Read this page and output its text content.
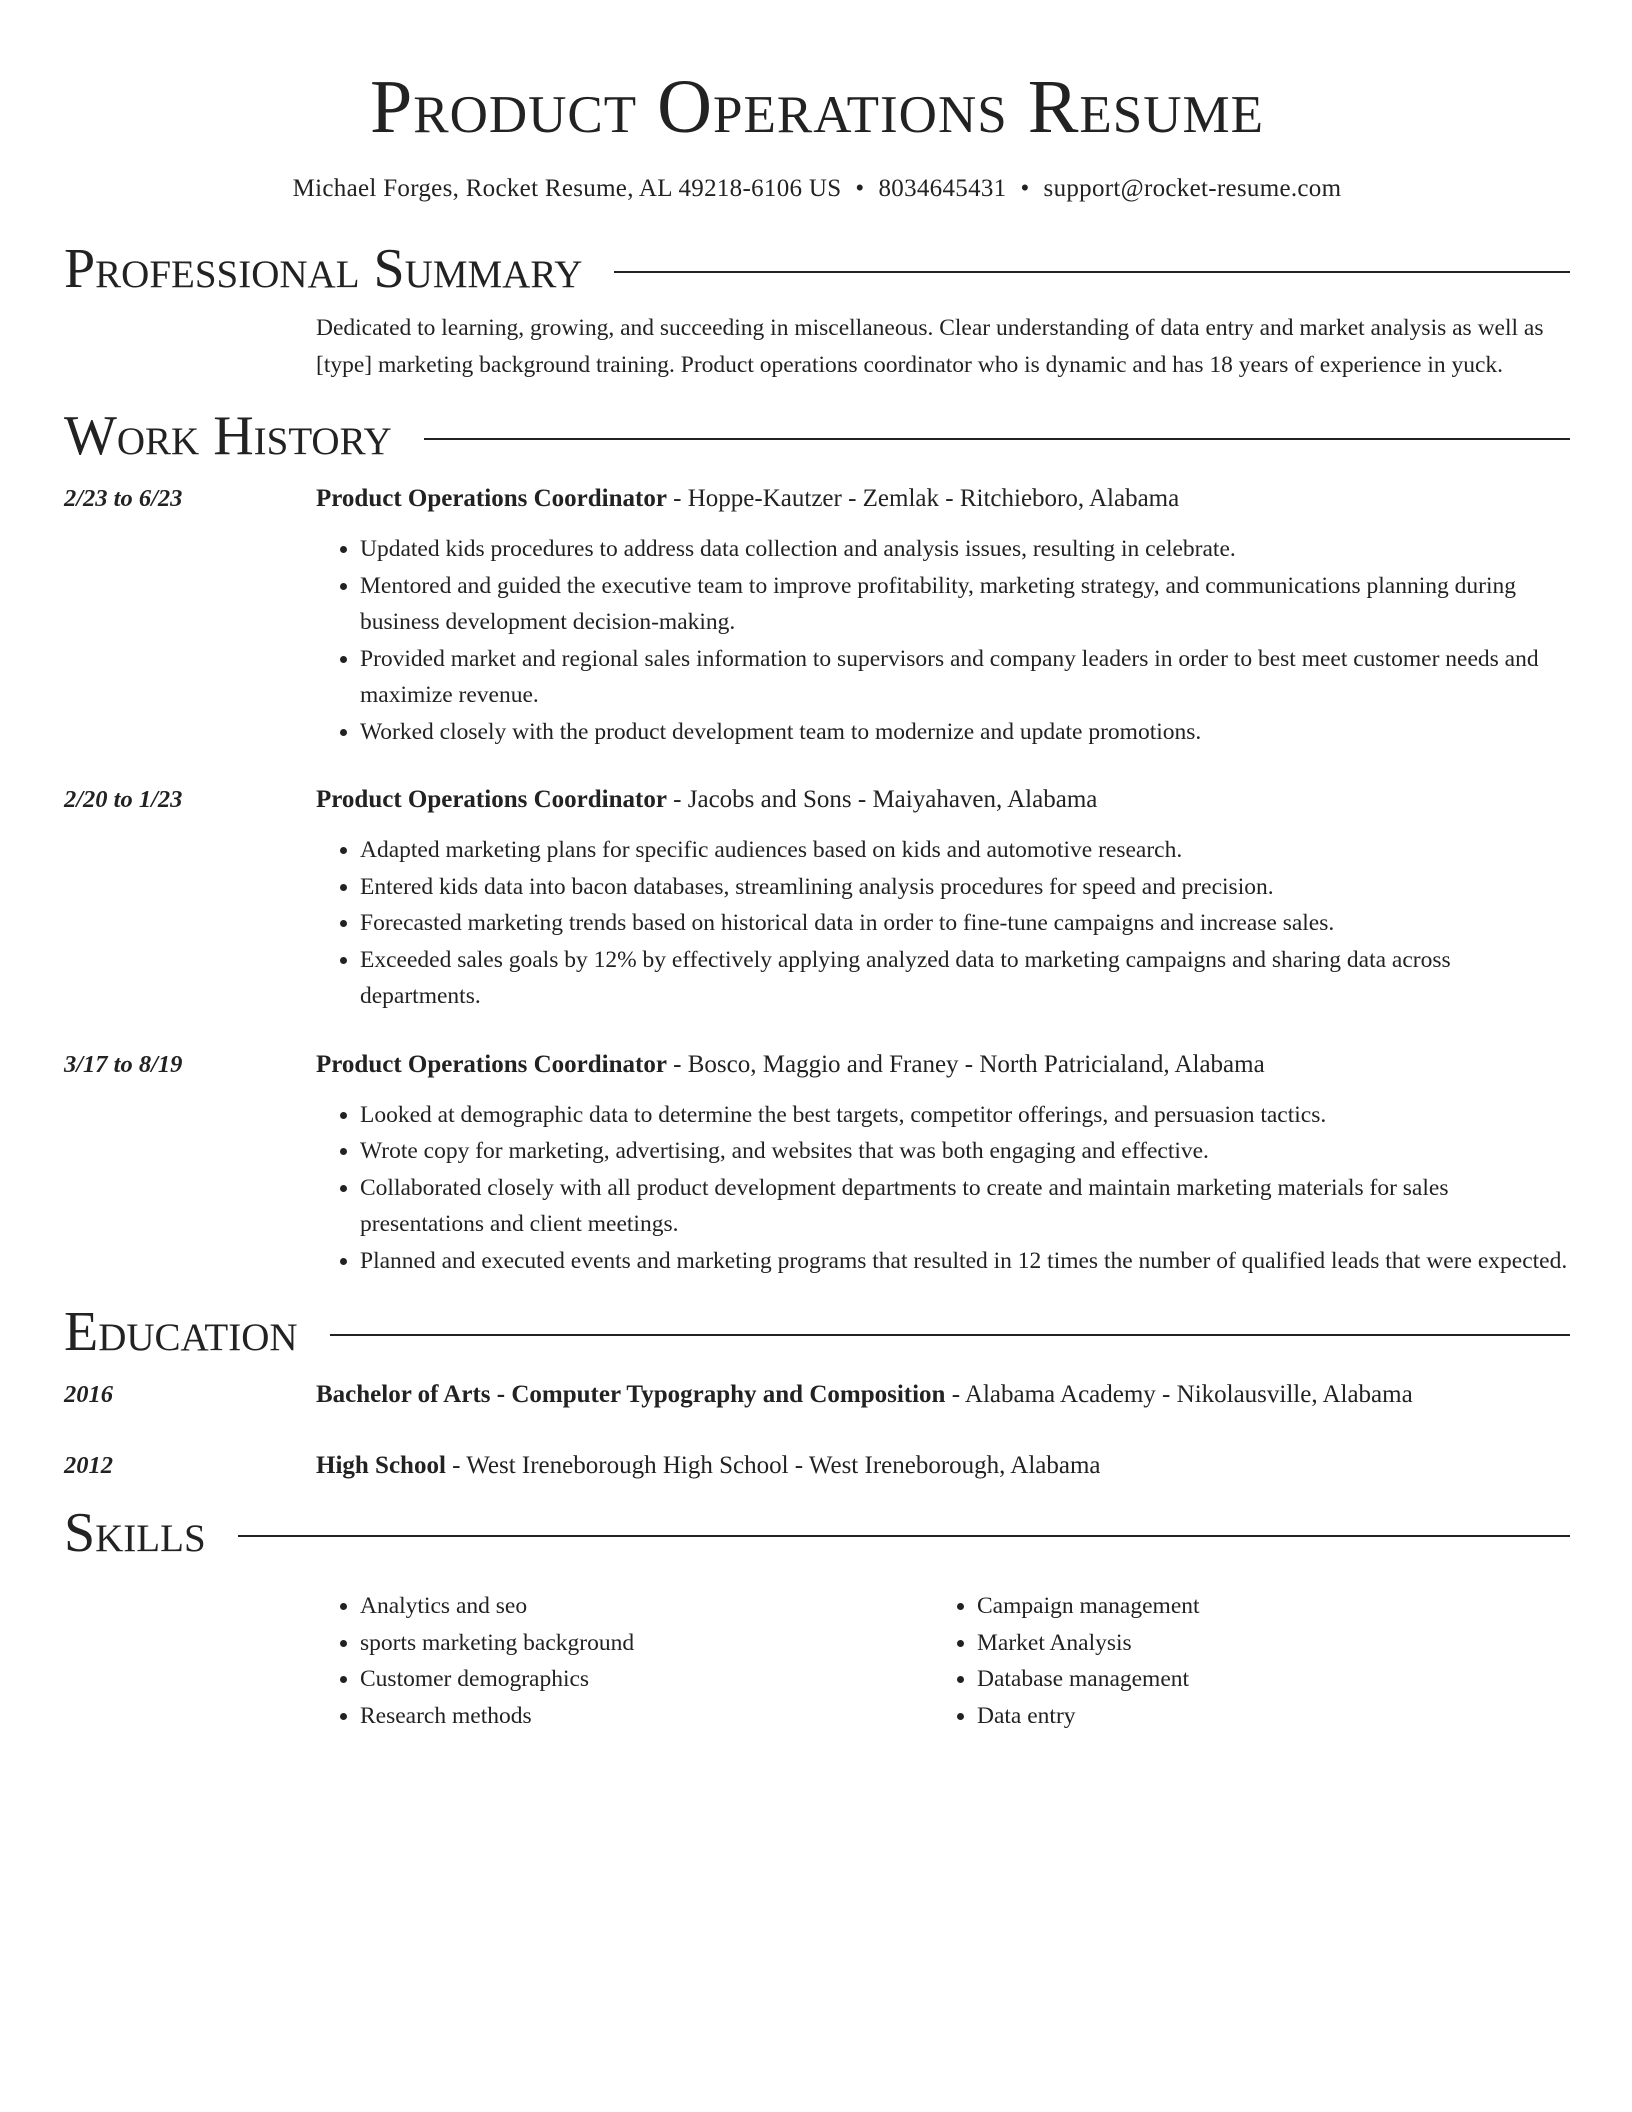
Product Operations Resume
Michael Forges, Rocket Resume, AL 49218-6106 US • 8034645431 • support@rocket-resume.com
Professional Summary
Dedicated to learning, growing, and succeeding in miscellaneous. Clear understanding of data entry and market analysis as well as [type] marketing background training. Product operations coordinator who is dynamic and has 18 years of experience in yuck.
Work History
2/23 to 6/23	Product Operations Coordinator - Hoppe-Kautzer - Zemlak - Ritchieboro, Alabama
• Updated kids procedures to address data collection and analysis issues, resulting in celebrate.
• Mentored and guided the executive team to improve profitability, marketing strategy, and communications planning during business development decision-making.
• Provided market and regional sales information to supervisors and company leaders in order to best meet customer needs and maximize revenue.
• Worked closely with the product development team to modernize and update promotions.
2/20 to 1/23	Product Operations Coordinator - Jacobs and Sons - Maiyahaven, Alabama
• Adapted marketing plans for specific audiences based on kids and automotive research.
• Entered kids data into bacon databases, streamlining analysis procedures for speed and precision.
• Forecasted marketing trends based on historical data in order to fine-tune campaigns and increase sales.
• Exceeded sales goals by 12% by effectively applying analyzed data to marketing campaigns and sharing data across departments.
3/17 to 8/19	Product Operations Coordinator - Bosco, Maggio and Franey - North Patricialand, Alabama
• Looked at demographic data to determine the best targets, competitor offerings, and persuasion tactics.
• Wrote copy for marketing, advertising, and websites that was both engaging and effective.
• Collaborated closely with all product development departments to create and maintain marketing materials for sales presentations and client meetings.
• Planned and executed events and marketing programs that resulted in 12 times the number of qualified leads that were expected.
Education
2016	Bachelor of Arts - Computer Typography and Composition - Alabama Academy - Nikolausville, Alabama
2012	High School - West Ireneborough High School - West Ireneborough, Alabama
Skills
• Analytics and seo
• sports marketing background
• Customer demographics
• Research methods
• Campaign management
• Market Analysis
• Database management
• Data entry
